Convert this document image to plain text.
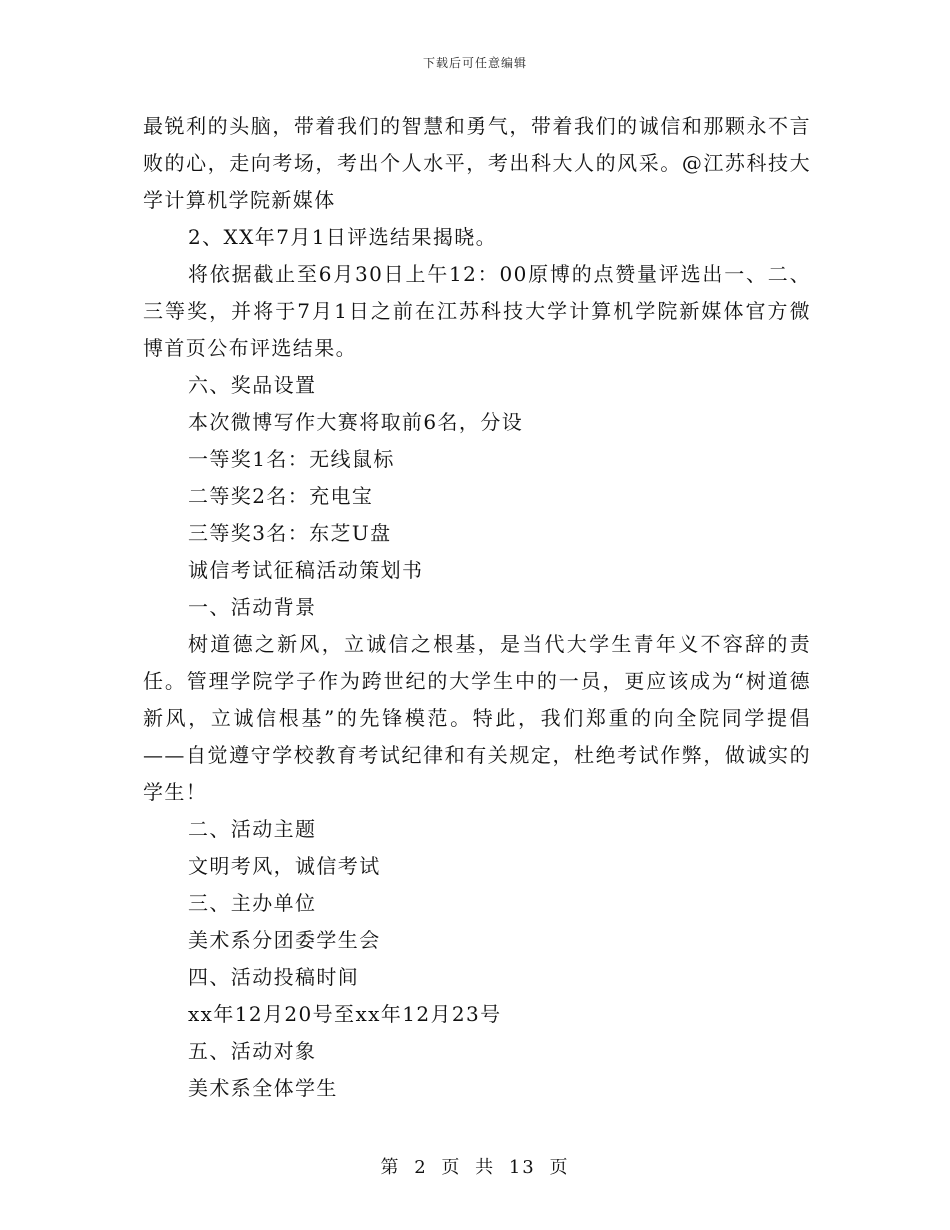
下载后可任意编辑

最锐利的头脑，带着我们的智慧和勇气，带着我们的诚信和那颗永不言败的心，走向考场，考出个人水平，考出科大人的风采。@江苏科技大学计算机学院新媒体

2、XX年7月1日评选结果揭晓。

将依据截止至6月30日上午12：00原博的点赞量评选出一、二、三等奖，并将于7月1日之前在江苏科技大学计算机学院新媒体官方微博首页公布评选结果。

六、奖品设置

本次微博写作大赛将取前6名，分设

一等奖1名：无线鼠标

二等奖2名：充电宝

三等奖3名：东芝U盘

诚信考试征稿活动策划书

一、活动背景

树道德之新风，立诚信之根基，是当代大学生青年义不容辞的责任。管理学院学子作为跨世纪的大学生中的一员，更应该成为“树道德新风，立诚信根基”的先锋模范。特此，我们郑重的向全院同学提倡——自觉遵守学校教育考试纪律和有关规定，杜绝考试作弊，做诚实的学生！

二、活动主题

文明考风，诚信考试

三、主办单位

美术系分团委学生会

四、活动投稿时间

xx年12月20号至xx年12月23号

五、活动对象

美术系全体学生

第 2 页 共 13 页
